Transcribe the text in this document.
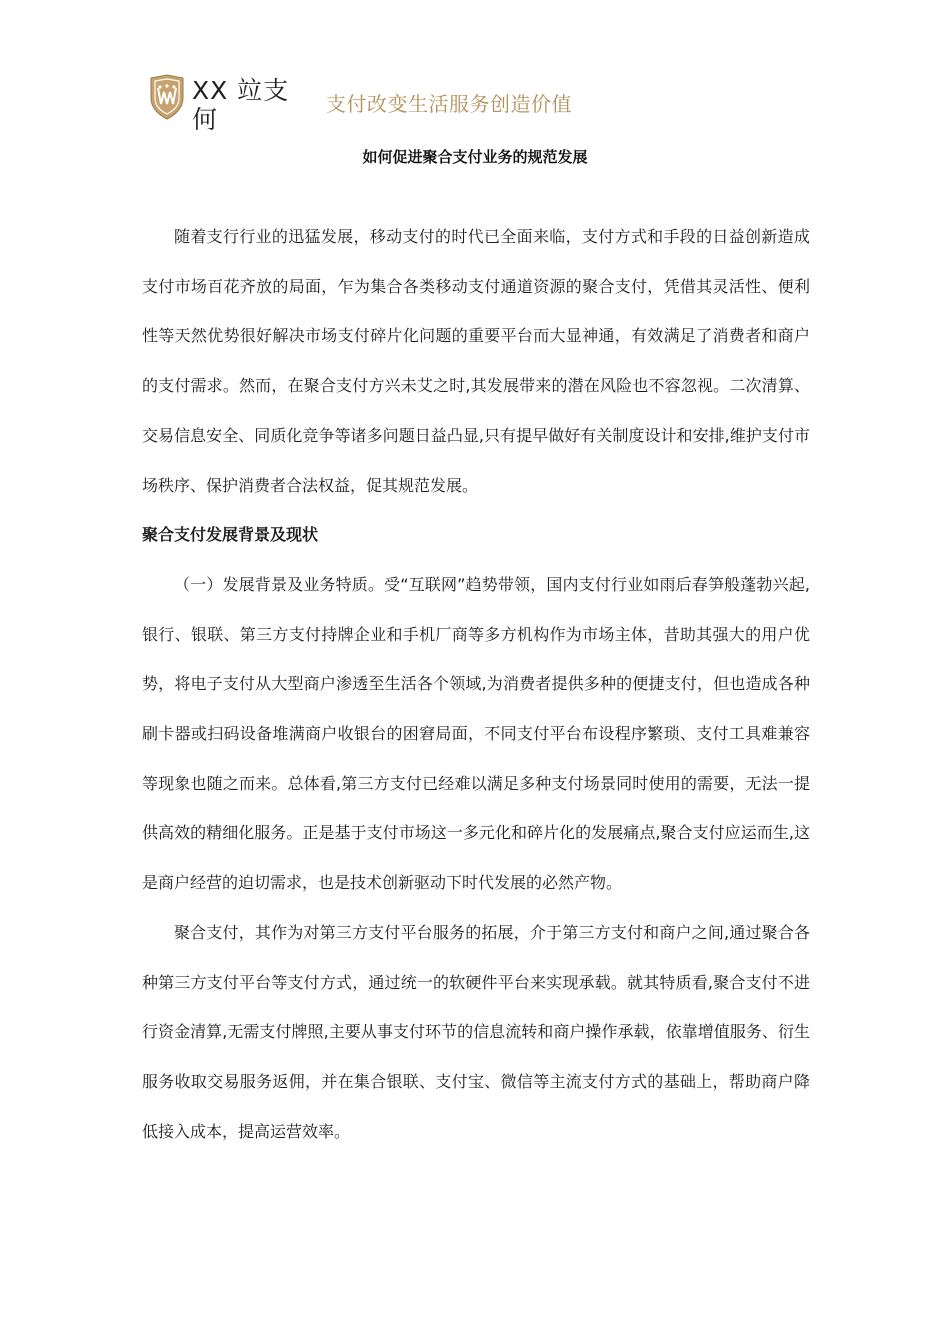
XX 竝支何
支付改变生活服务创造价值
如何促进聚合支付业务的规范发展

随着支行行业的迅猛发展，移动支付的时代已全面来临，支付方式和手段的日益创新造成支付市场百花齐放的局面，乍为集合各类移动支付通道资源的聚合支付，凭借其灵活性、便利性等天然优势很好解决市场支付碎片化问题的重要平台而大显神通，有效满足了消费者和商户的支付需求。然而，在聚合支付方兴未艾之时,其发展带来的潜在风险也不容忽视。二次清算、交易信息安全、同质化竞争等诸多问题日益凸显,只有提早做好有关制度设计和安排,维护支付市场秩序、保护消费者合法权益，促其规范发展。

聚合支付发展背景及现状

（一）发展背景及业务特质。受“互联网”趋势带领，国内支付行业如雨后春笋般蓬勃兴起,银行、银联、第三方支付持牌企业和手机厂商等多方机构作为市场主体，昔助其强大的用户优势，将电子支付从大型商户渗透至生活各个领域,为消费者提供多种的便捷支付，但也造成各种刷卡器或扫码设备堆满商户收银台的困窘局面，不同支付平台布设程序繁琐、支付工具难兼容等现象也随之而来。总体看,第三方支付已经难以满足多种支付场景同时使用的需要，无法一提供高效的精细化服务。正是基于支付市场这一多元化和碎片化的发展痛点,聚合支付应运而生,这是商户经营的迫切需求，也是技术创新驱动下时代发展的必然产物。

聚合支付，其作为对第三方支付平台服务的拓展，介于第三方支付和商户之间,通过聚合各种第三方支付平台等支付方式，通过统一的软硬件平台来实现承载。就其特质看,聚合支付不进行资金清算,无需支付牌照,主要从事支付环节的信息流转和商户操作承载，依靠增值服务、衍生服务收取交易服务返佣，并在集合银联、支付宝、微信等主流支付方式的基础上，帮助商户降低接入成本，提高运营效率。
